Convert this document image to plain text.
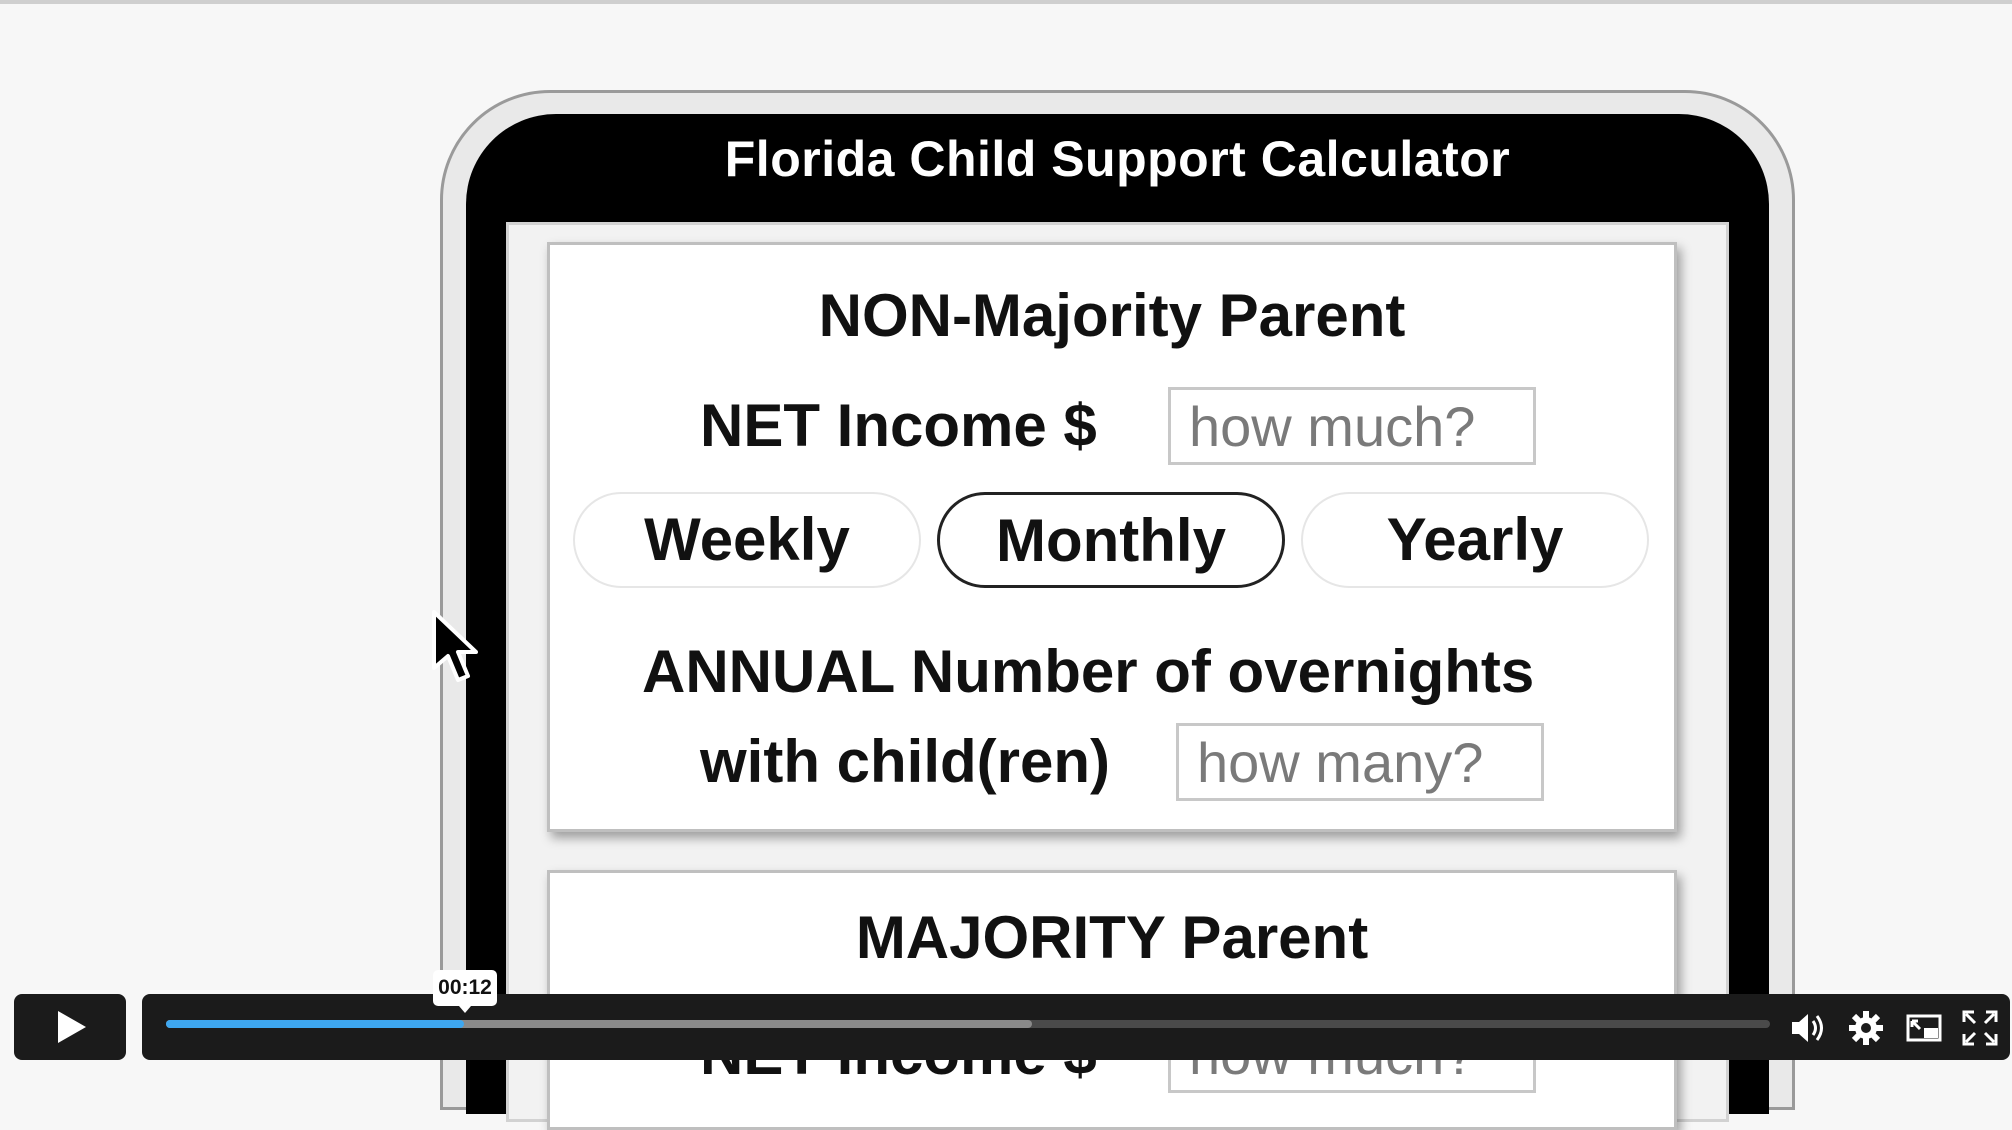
Florida Child Support Calculator
NON-Majority Parent
NET Income $
how much?
ANNUAL Number of overnights
with child(ren)
how many?
Weekly	Monthly	Yearly
MAJORITY Parent
how much?
00:12
